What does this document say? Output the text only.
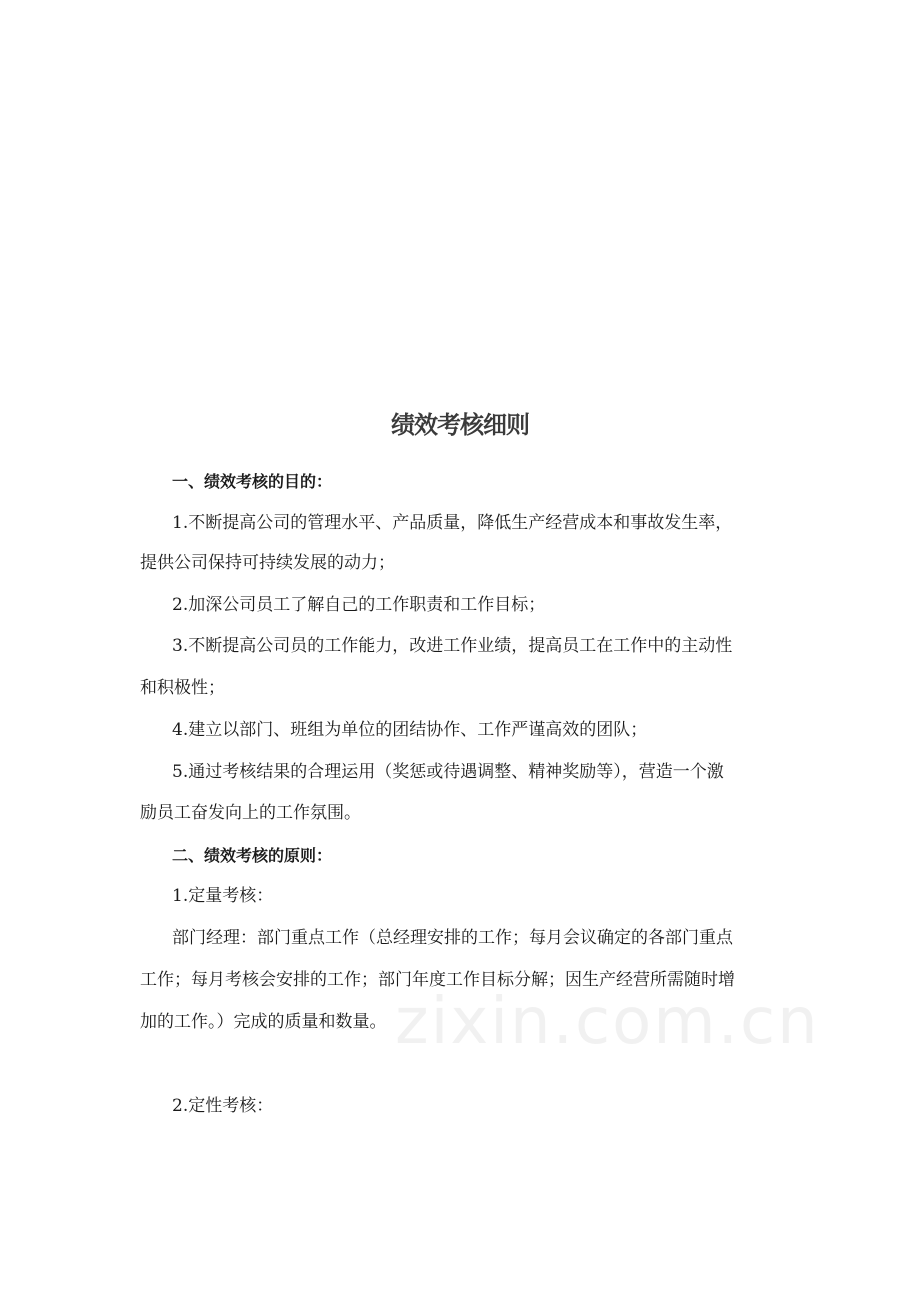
zixin.com.cn
绩效考核细则
一、绩效考核的目的：
1.不断提高公司的管理水平、产品质量，降低生产经营成本和事故发生率，
提供公司保持可持续发展的动力；
2.加深公司员工了解自己的工作职责和工作目标；
3.不断提高公司员的工作能力，改进工作业绩，提高员工在工作中的主动性
和积极性；
4.建立以部门、班组为单位的团结协作、工作严谨高效的团队；
5.通过考核结果的合理运用（奖惩或待遇调整、精神奖励等），营造一个激
励员工奋发向上的工作氛围。
二、绩效考核的原则：
1.定量考核：
部门经理：部门重点工作（总经理安排的工作；每月会议确定的各部门重点
工作；每月考核会安排的工作；部门年度工作目标分解；因生产经营所需随时增
加的工作。）完成的质量和数量。
2.定性考核：
